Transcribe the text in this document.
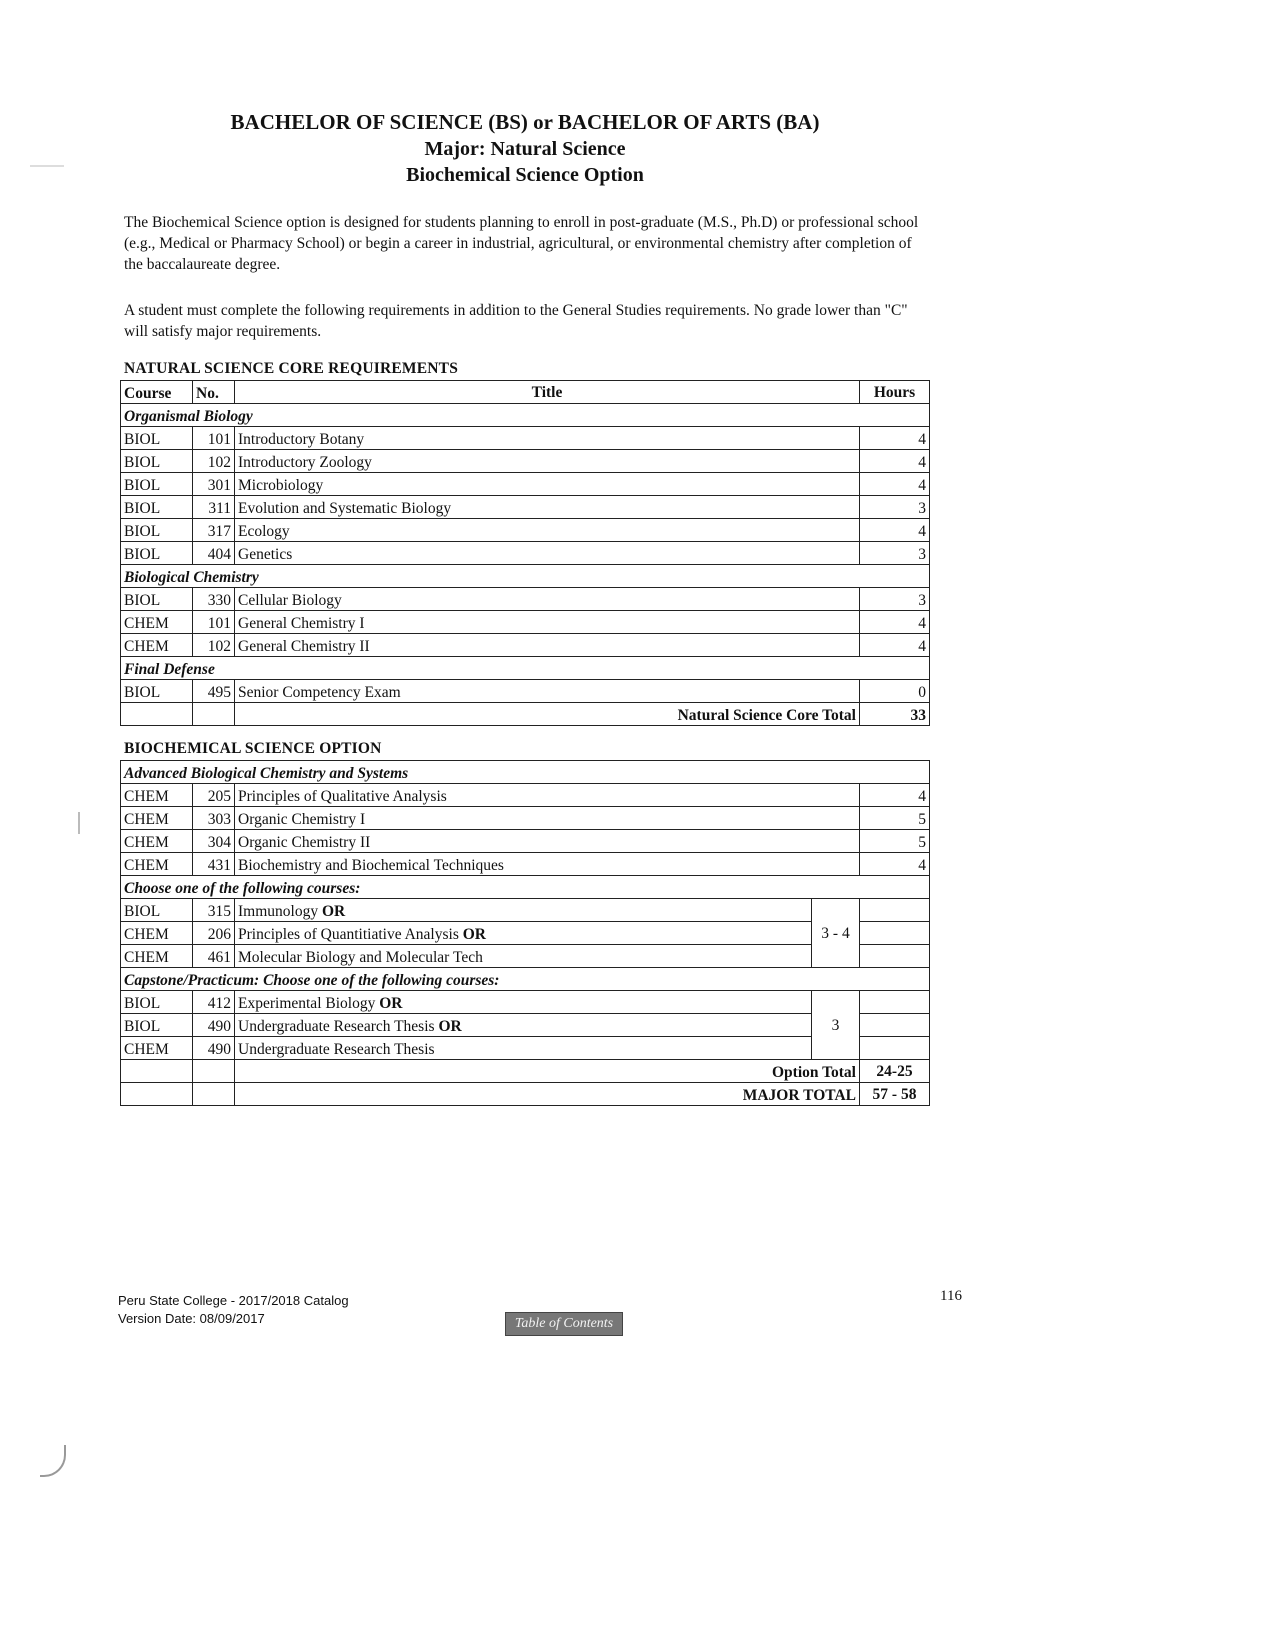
BACHELOR OF SCIENCE (BS) or BACHELOR OF ARTS (BA)
Major: Natural Science
Biochemical Science Option

The Biochemical Science option is designed for students planning to enroll in post-graduate (M.S., Ph.D) or professional school (e.g., Medical or Pharmacy School) or begin a career in industrial, agricultural, or environmental chemistry after completion of the baccalaureate degree.

A student must complete the following requirements in addition to the General Studies requirements. No grade lower than "C" will satisfy major requirements.

NATURAL SCIENCE CORE REQUIREMENTS
Course	No.	Title	Hours
Organismal Biology			
BIOL	101	Introductory Botany	4
BIOL	102	Introductory Zoology	4
BIOL	301	Microbiology	4
BIOL	311	Evolution and Systematic Biology	3
BIOL	317	Ecology	4
BIOL	404	Genetics	3
Biological Chemistry			
BIOL	330	Cellular Biology	3
CHEM	101	General Chemistry I	4
CHEM	102	General Chemistry II	4
Final Defense			
BIOL	495	Senior Competency Exam	0
		Natural Science Core Total	33
BIOCHEMICAL SCIENCE OPTION
Advanced Biological Chemistry and Systems				
CHEM	205	Principles of Qualitative Analysis		4
CHEM	303	Organic Chemistry I		5
CHEM	304	Organic Chemistry II		5
CHEM	431	Biochemistry and Biochemical Techniques		4
Choose one of the following courses:				
BIOL	315	Immunology OR	3 - 4	
CHEM	206	Principles of Quantitiative Analysis OR		
CHEM	461	Molecular Biology and Molecular Tech		
Capstone/Practicum: Choose one of the following courses:				
BIOL	412	Experimental Biology OR	3	
BIOL	490	Undergraduate Research Thesis OR		
CHEM	490	Undergraduate Research Thesis		
		Option Total		24-25
		MAJOR TOTAL		57 - 58
Peru State College - 2017/2018 Catalog
Version Date: 08/09/2017
116
Table of Contents
